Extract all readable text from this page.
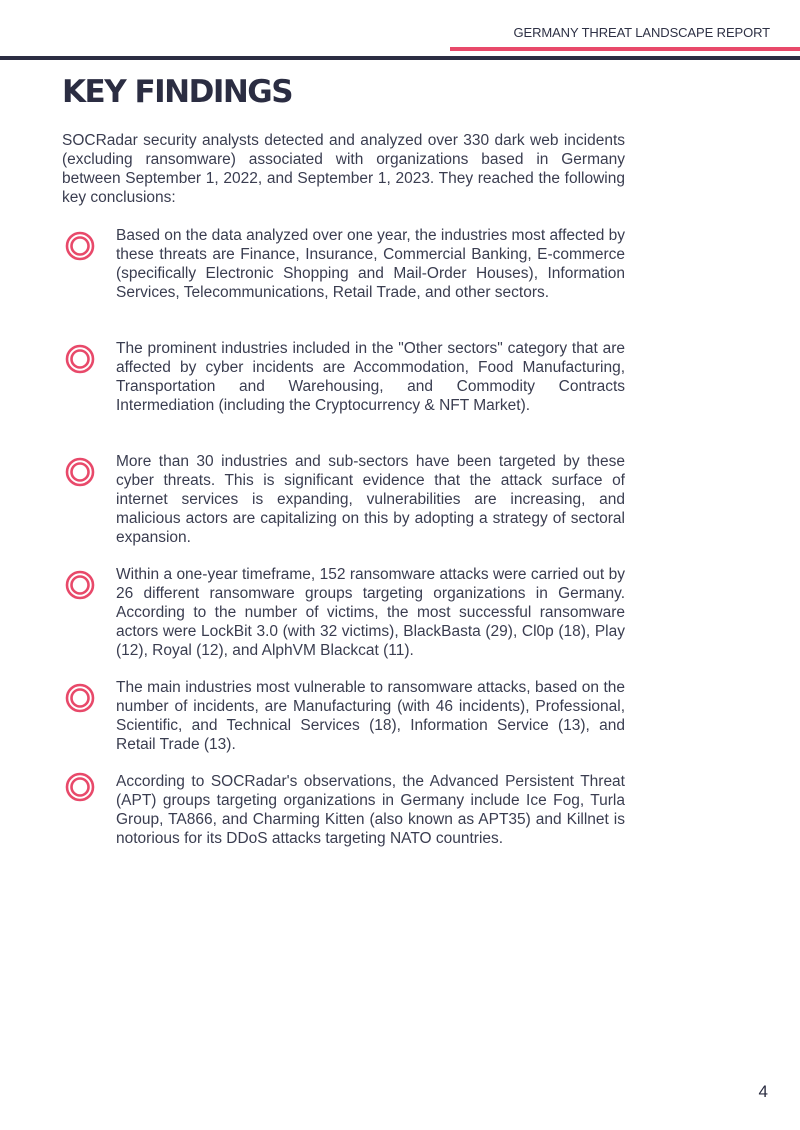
GERMANY THREAT LANDSCAPE REPORT
KEY FINDINGS

SOCRadar security analysts detected and analyzed over 330 dark web incidents (excluding ransomware) associated with organizations based in Germany between September 1, 2022, and September 1, 2023. They reached the following key conclusions:

Based on the data analyzed over one year, the industries most affected by these threats are Finance, Insurance, Commercial Banking, E-commerce (specifically Electronic Shopping and Mail-Order Houses), Information Services, Telecommunications, Retail Trade, and other sectors.

The prominent industries included in the "Other sectors" category that are affected by cyber incidents are Accommodation, Food Manufacturing, Transportation and Warehousing, and Commodity Contracts Intermediation (including the Cryptocurrency & NFT Market).

More than 30 industries and sub-sectors have been targeted by these cyber threats. This is significant evidence that the attack surface of internet services is expanding, vulnerabilities are increasing, and malicious actors are capitalizing on this by adopting a strategy of sectoral expansion.

Within a one-year timeframe, 152 ransomware attacks were carried out by 26 different ransomware groups targeting organizations in Germany. According to the number of victims, the most successful ransomware actors were LockBit 3.0 (with 32 victims), BlackBasta (29), Cl0p (18), Play (12), Royal (12), and AlphVM Blackcat (11).

The main industries most vulnerable to ransomware attacks, based on the number of incidents, are Manufacturing (with 46 incidents), Professional, Scientific, and Technical Services (18), Information Service (13), and Retail Trade (13).

According to SOCRadar's observations, the Advanced Persistent Threat (APT) groups targeting organizations in Germany include Ice Fog, Turla Group, TA866, and Charming Kitten (also known as APT35) and Killnet is notorious for its DDoS attacks targeting NATO countries.

4
